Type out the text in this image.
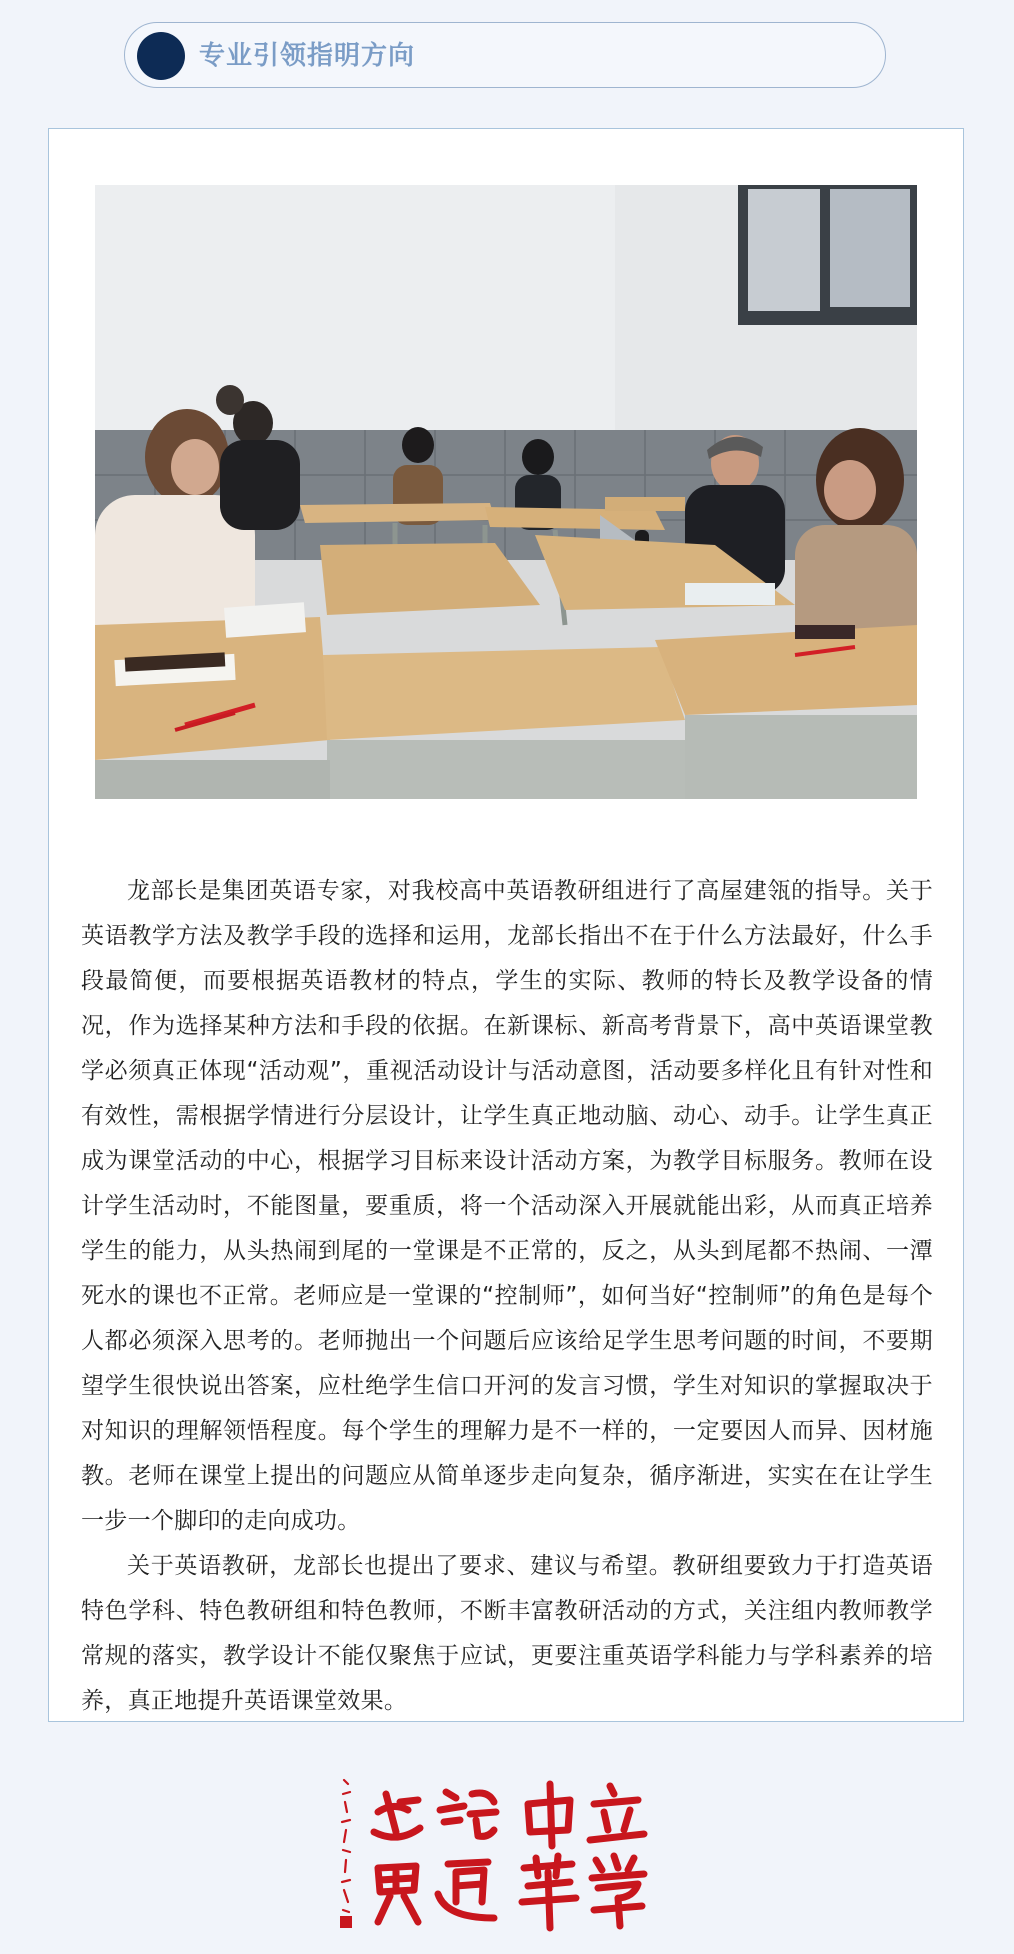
专业引领指明方向

龙部长是集团英语专家，对我校高中英语教研组进行了高屋建瓴的指导。关于英语教学方法及教学手段的选择和运用，龙部长指出不在于什么方法最好，什么手段最简便，而要根据英语教材的特点，学生的实际、教师的特长及教学设备的情况，作为选择某种方法和手段的依据。在新课标、新高考背景下，高中英语课堂教学必须真正体现“活动观”，重视活动设计与活动意图，活动要多样化且有针对性和有效性，需根据学情进行分层设计，让学生真正地动脑、动心、动手。让学生真正成为课堂活动的中心，根据学习目标来设计活动方案，为教学目标服务。教师在设计学生活动时，不能图量，要重质，将一个活动深入开展就能出彩，从而真正培养学生的能力，从头热闹到尾的一堂课是不正常的，反之，从头到尾都不热闹、一潭死水的课也不正常。老师应是一堂课的“控制师”，如何当好“控制师”的角色是每个人都必须深入思考的。老师抛出一个问题后应该给足学生思考问题的时间，不要期望学生很快说出答案，应杜绝学生信口开河的发言习惯，学生对知识的掌握取决于对知识的理解领悟程度。每个学生的理解力是不一样的，一定要因人而异、因材施教。老师在课堂上提出的问题应从简单逐步走向复杂，循序渐进，实实在在让学生一步一个脚印的走向成功。

关于英语教研，龙部长也提出了要求、建议与希望。教研组要致力于打造英语特色学科、特色教研组和特色教师，不断丰富教研活动的方式，关注组内教师教学常规的落实，教学设计不能仅聚焦于应试，更要注重英语学科能力与学科素养的培养，真正地提升英语课堂效果。
